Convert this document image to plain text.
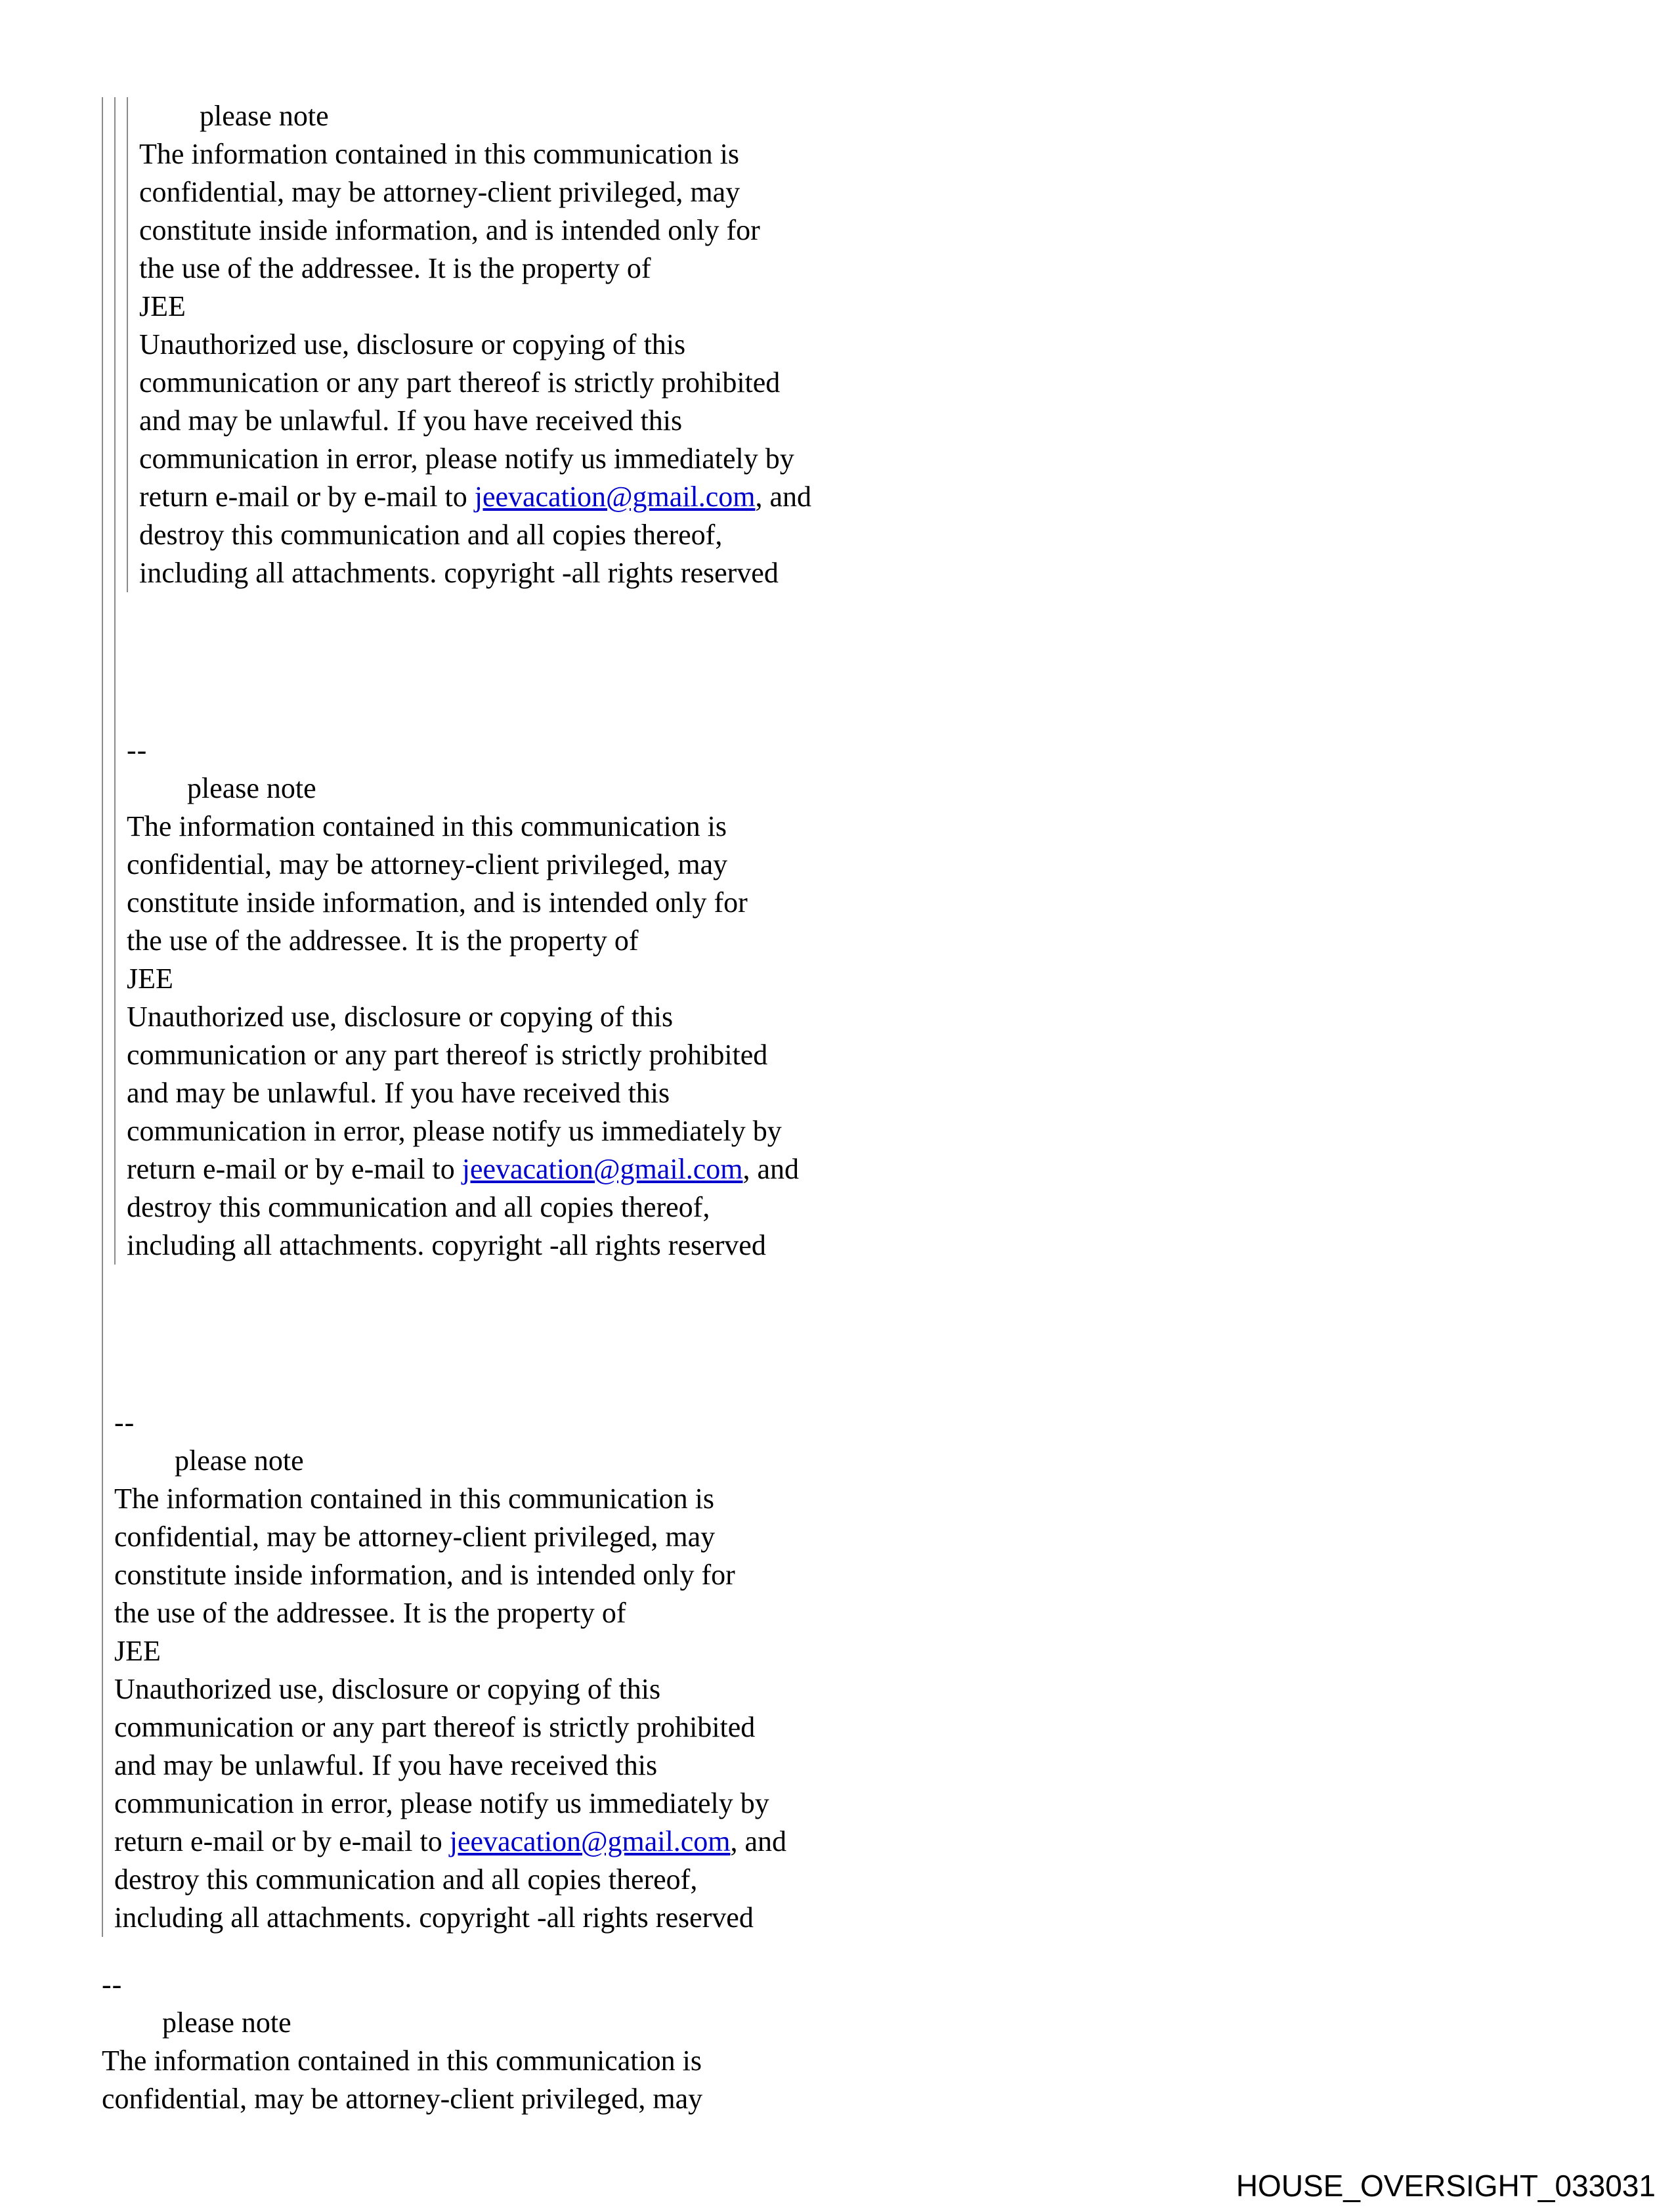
please note
The information contained in this communication is
confidential, may be attorney-client privileged, may
constitute inside information, and is intended only for
the use of the addressee. It is the property of
JEE
Unauthorized use, disclosure or copying of this
communication or any part thereof is strictly prohibited
and may be unlawful. If you have received this
communication in error, please notify us immediately by
return e-mail or by e-mail to jeevacation@gmail.com, and
destroy this communication and all copies thereof,
including all attachments. copyright -all rights reserved
--
please note
The information contained in this communication is
confidential, may be attorney-client privileged, may
constitute inside information, and is intended only for
the use of the addressee. It is the property of
JEE
Unauthorized use, disclosure or copying of this
communication or any part thereof is strictly prohibited
and may be unlawful. If you have received this
communication in error, please notify us immediately by
return e-mail or by e-mail to jeevacation@gmail.com, and
destroy this communication and all copies thereof,
including all attachments. copyright -all rights reserved
--
please note
The information contained in this communication is
confidential, may be attorney-client privileged, may
constitute inside information, and is intended only for
the use of the addressee. It is the property of
JEE
Unauthorized use, disclosure or copying of this
communication or any part thereof is strictly prohibited
and may be unlawful. If you have received this
communication in error, please notify us immediately by
return e-mail or by e-mail to jeevacation@gmail.com, and
destroy this communication and all copies thereof,
including all attachments. copyright -all rights reserved
--
please note
The information contained in this communication is
confidential, may be attorney-client privileged, may
HOUSE_OVERSIGHT_033031
